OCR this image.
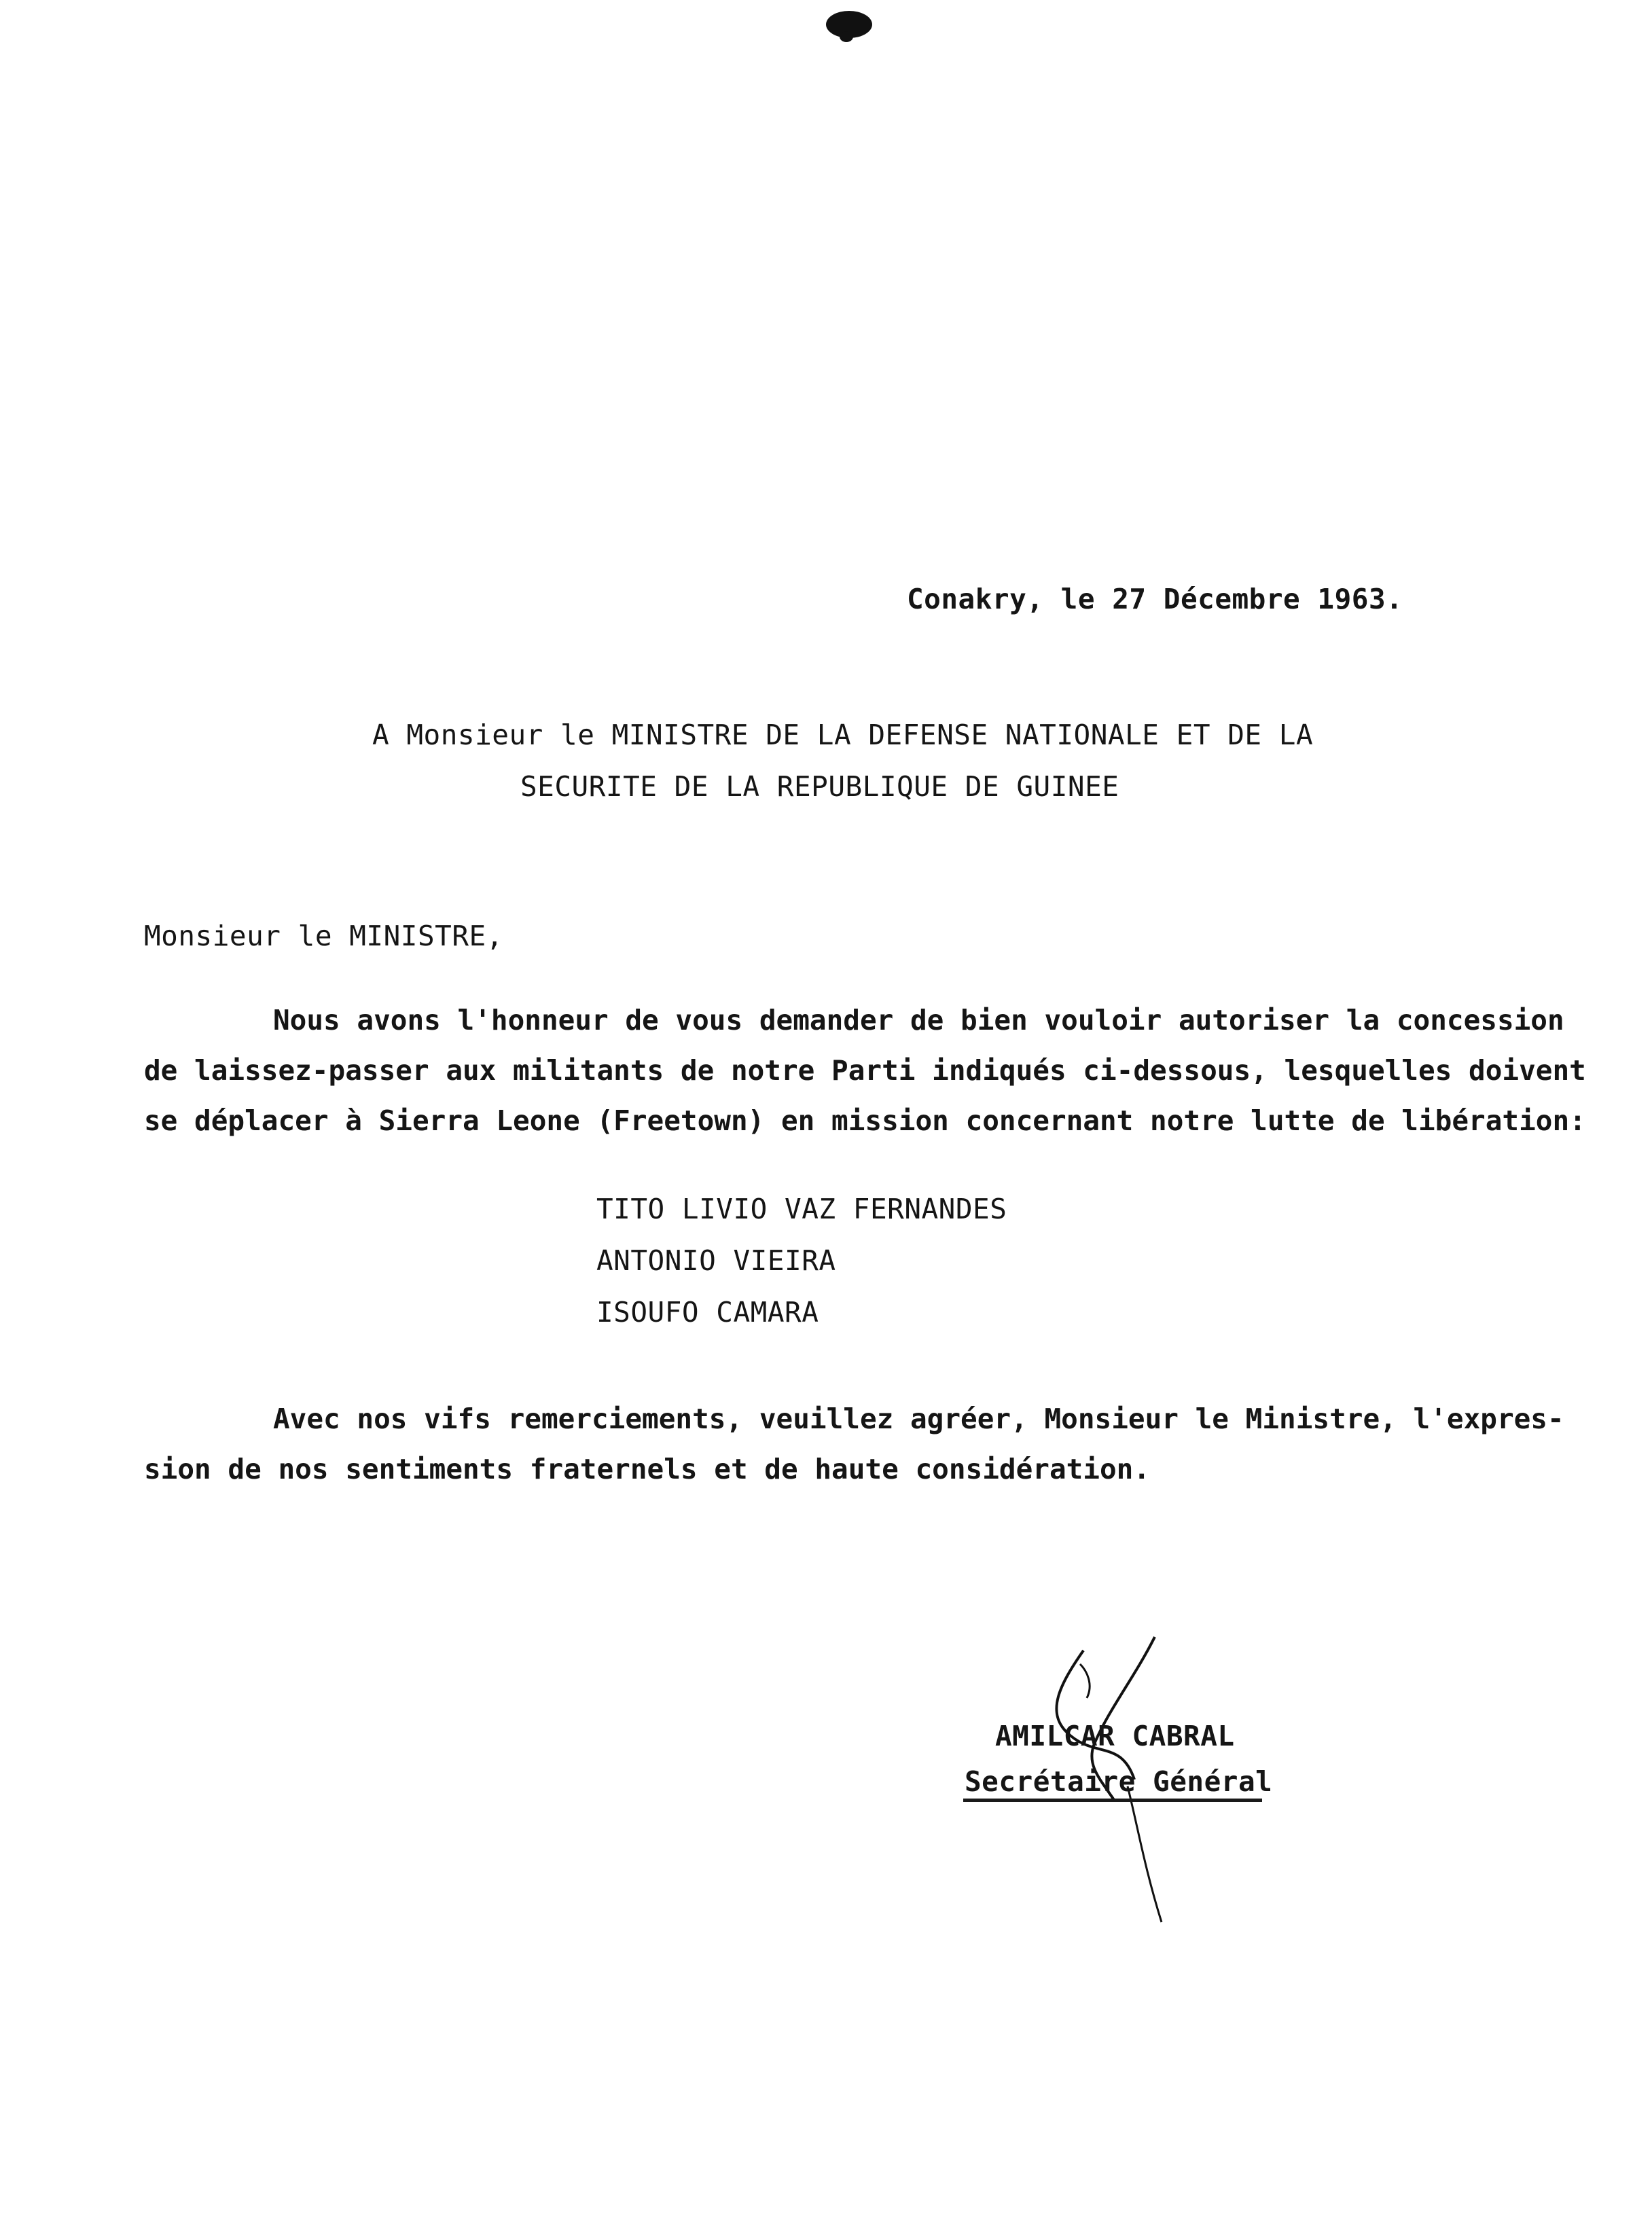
Conakry, le 27 Décembre 1963.
A Monsieur le MINISTRE DE LA DEFENSE NATIONALE ET DE LA
SECURITE DE LA REPUBLIQUE DE GUINEE
Monsieur le MINISTRE,
Nous avons l'honneur de vous demander de bien vouloir autoriser la concession
de laissez-passer aux militants de notre Parti indiqués ci-dessous, lesquelles doivent
se déplacer à Sierra Leone (Freetown) en mission concernant notre lutte de libération:
TITO LIVIO VAZ FERNANDES
ANTONIO VIEIRA
ISOUFO CAMARA
Avec nos vifs remerciements, veuillez agréer, Monsieur le Ministre, l'expres-
sion de nos sentiments fraternels et de haute considération.
AMILCAR CABRAL
Secrétaire Général
